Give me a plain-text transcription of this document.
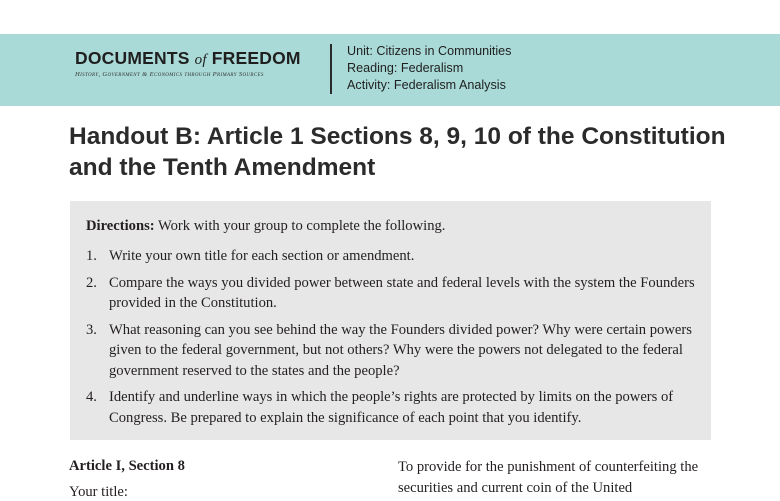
DOCUMENTS of FREEDOM
History, Government & Economics through Primary Sources
Unit: Citizens in Communities
Reading: Federalism
Activity: Federalism Analysis
Handout B: Article 1 Sections 8, 9, 10 of the Constitution and the Tenth Amendment
Directions: Work with your group to complete the following.
1. Write your own title for each section or amendment.
2. Compare the ways you divided power between state and federal levels with the system the Founders provided in the Constitution.
3. What reasoning can you see behind the way the Founders divided power? Why were certain powers given to the federal government, but not others? Why were the powers not delegated to the federal government reserved to the states and the people?
4. Identify and underline ways in which the people’s rights are protected by limits on the powers of Congress. Be prepared to explain the significance of each point that you identify.
Article I, Section 8
Your title:
To provide for the punishment of counterfeiting the securities and current coin of the United
